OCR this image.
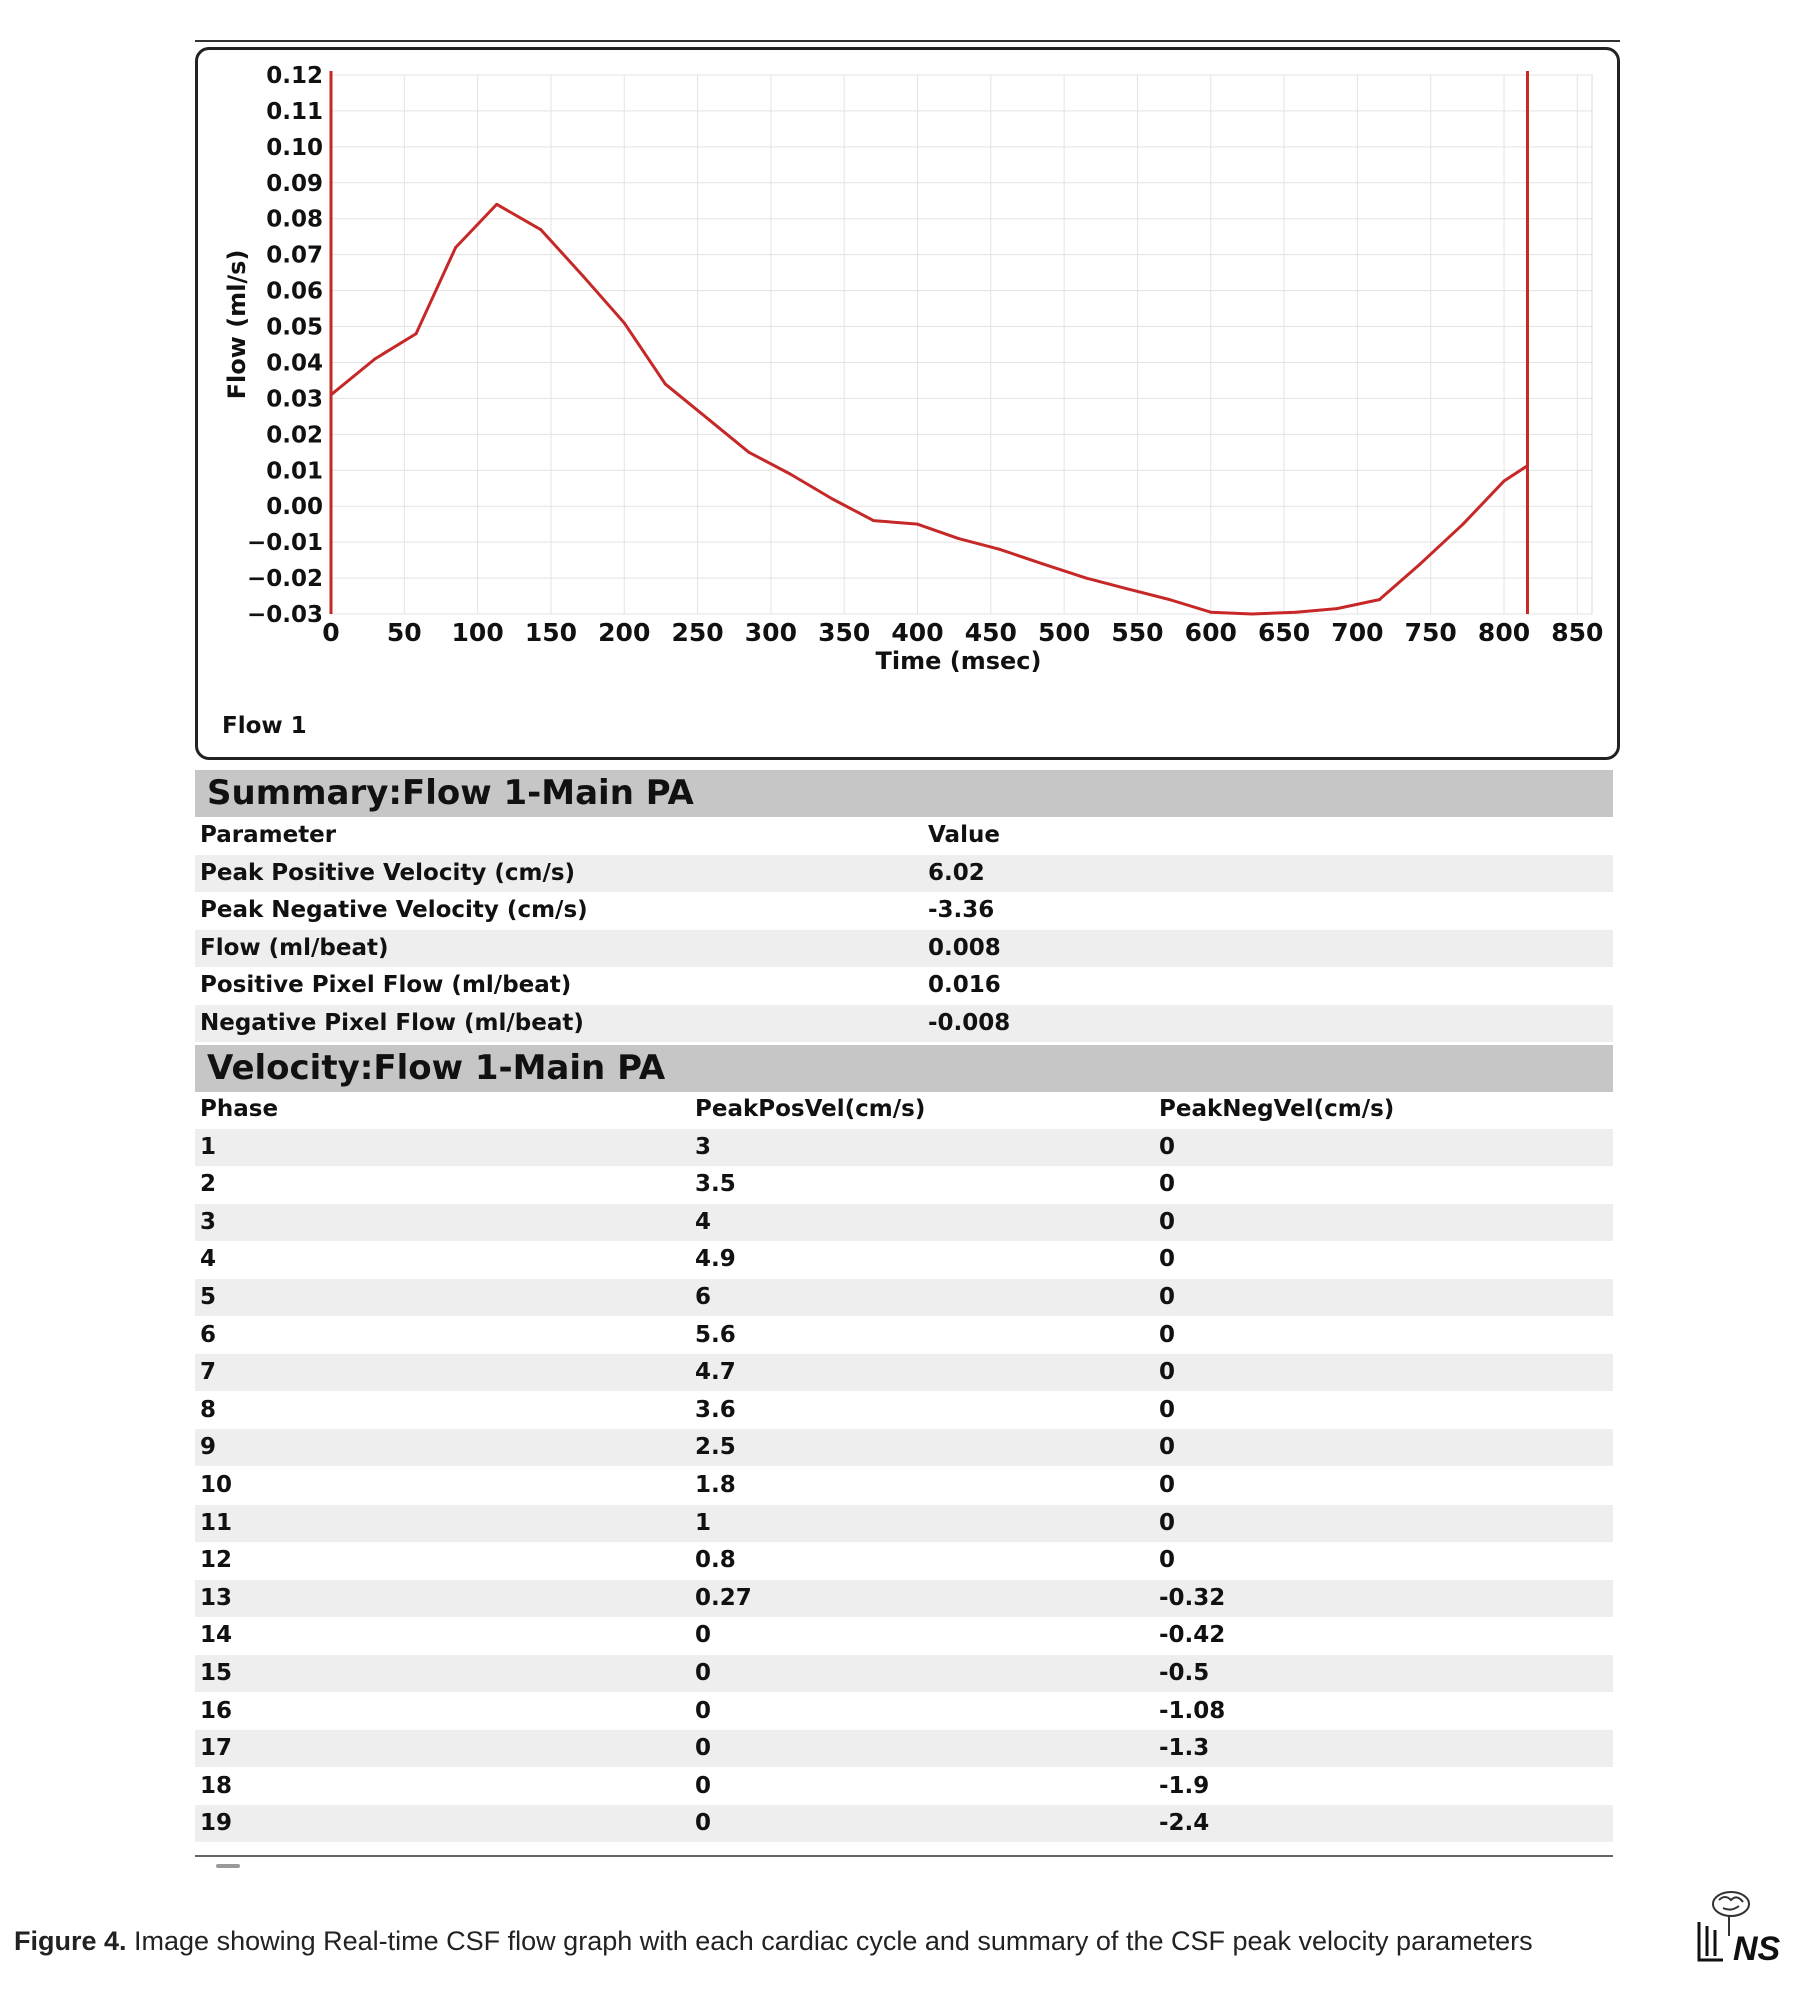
0 50 100 150 200 250 300 350 400 450 500 550 600 650 700 750 800 850
0.12
0.11
0.10
0.09
0.08
0.07
0.06
0.05
0.04
0.03
0.02
0.01
0.00
−0.01
−0.02
−0.03
Time (msec)
Flow (ml/s)
Flow 1
Summary:Flow 1-Main PA
Parameter	Value
Peak Positive Velocity (cm/s)	6.02
Peak Negative Velocity (cm/s)	-3.36
Flow (ml/beat)	0.008
Positive Pixel Flow (ml/beat)	0.016
Negative Pixel Flow (ml/beat)	-0.008
Velocity:Flow 1-Main PA
Phase	PeakPosVel(cm/s)	PeakNegVel(cm/s)
1	3	0
2	3.5	0
3	4	0
4	4.9	0
5	6	0
6	5.6	0
7	4.7	0
8	3.6	0
9	2.5	0
10	1.8	0
11	1	0
12	0.8	0
13	0.27	-0.32
14	0	-0.42
15	0	-0.5
16	0	-1.08
17	0	-1.3
18	0	-1.9
19	0	-2.4
Figure 4. Image showing Real-time CSF flow graph with each cardiac cycle and summary of the CSF peak velocity parameters	NS
